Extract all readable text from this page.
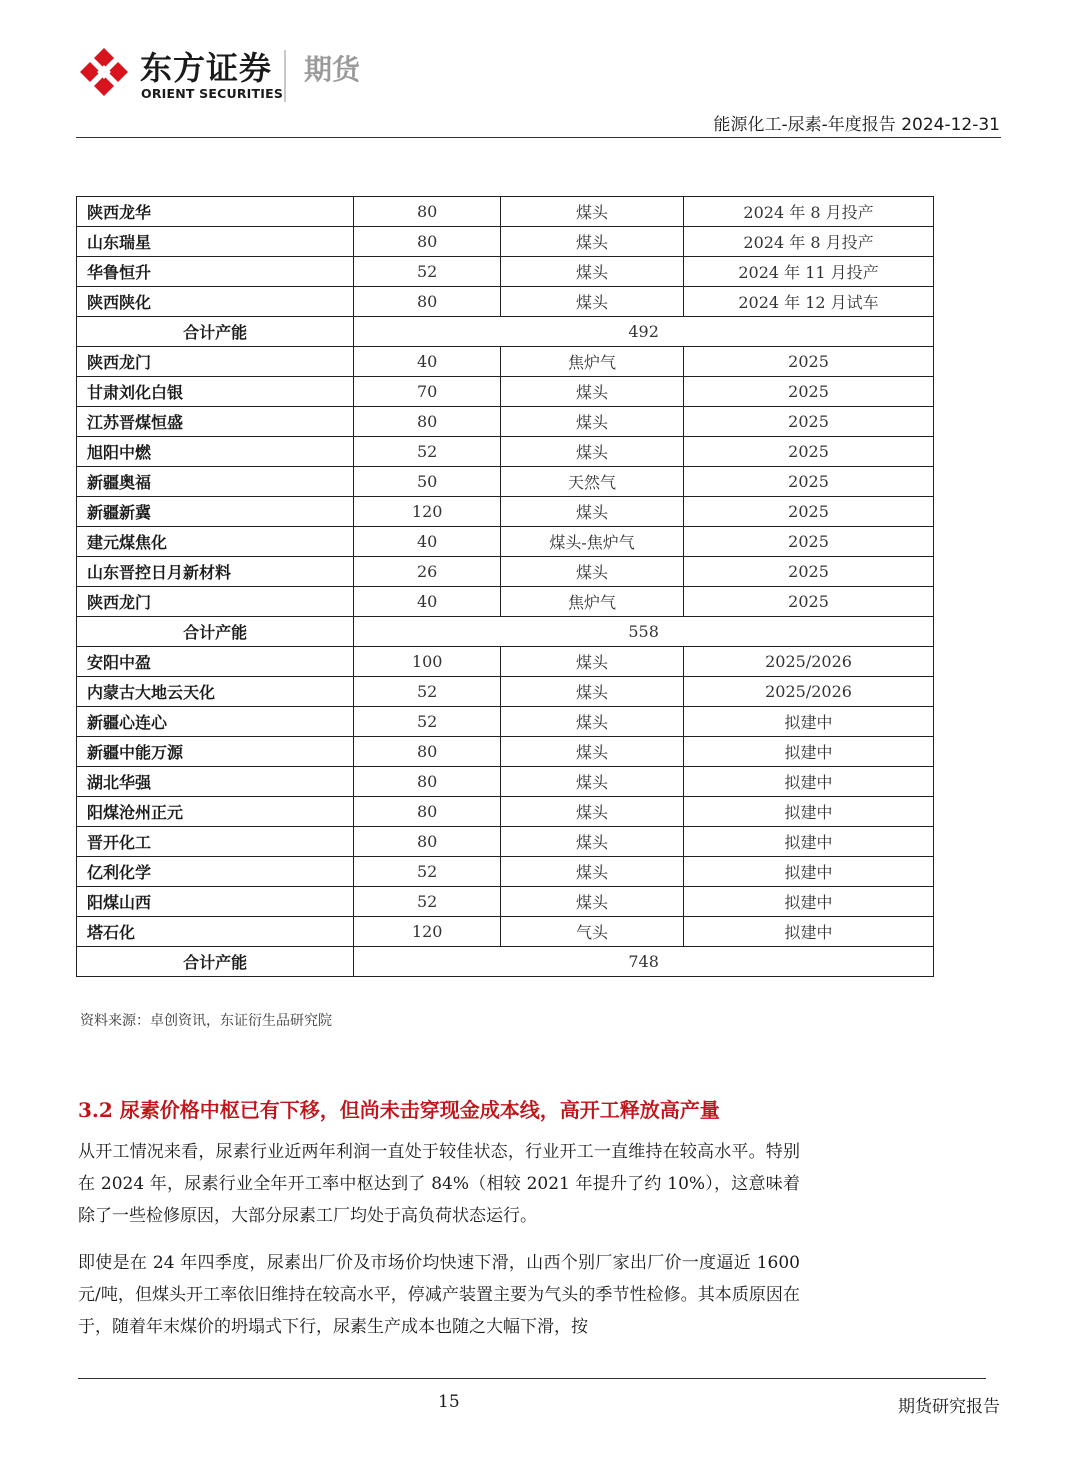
东方证券
ORIENT SECURITIES
期货
能源化工-尿素-年度报告 2024-12-31
陕西龙华	80	煤头	2024 年 8 月投产
山东瑞星	80	煤头	2024 年 8 月投产
华鲁恒升	52	煤头	2024 年 11 月投产
陕西陕化	80	煤头	2024 年 12 月试车
合计产能	492		
陕西龙门	40	焦炉气	2025
甘肃刘化白银	70	煤头	2025
江苏晋煤恒盛	80	煤头	2025
旭阳中燃	52	煤头	2025
新疆奥福	50	天然气	2025
新疆新冀	120	煤头	2025
建元煤焦化	40	煤头-焦炉气	2025
山东晋控日月新材料	26	煤头	2025
陕西龙门	40	焦炉气	2025
合计产能	558		
安阳中盈	100	煤头	2025/2026
内蒙古大地云天化	52	煤头	2025/2026
新疆心连心	52	煤头	拟建中
新疆中能万源	80	煤头	拟建中
湖北华强	80	煤头	拟建中
阳煤沧州正元	80	煤头	拟建中
晋开化工	80	煤头	拟建中
亿利化学	52	煤头	拟建中
阳煤山西	52	煤头	拟建中
塔石化	120	气头	拟建中
合计产能	748		
资料来源：卓创资讯，东证衍生品研究院
3.2 尿素价格中枢已有下移，但尚未击穿现金成本线，高开工释放高产量

从开工情况来看，尿素行业近两年利润一直处于较佳状态，行业开工一直维持在较高水平。特别在 2024 年，尿素行业全年开工率中枢达到了 84%（相较 2021 年提升了约 10%），这意味着除了一些检修原因，大部分尿素工厂均处于高负荷状态运行。

即使是在 24 年四季度，尿素出厂价及市场价均快速下滑，山西个别厂家出厂价一度逼近 1600 元/吨，但煤头开工率依旧维持在较高水平，停减产装置主要为气头的季节性检修。其本质原因在于，随着年末煤价的坍塌式下行，尿素生产成本也随之大幅下滑，按

15	期货研究报告
